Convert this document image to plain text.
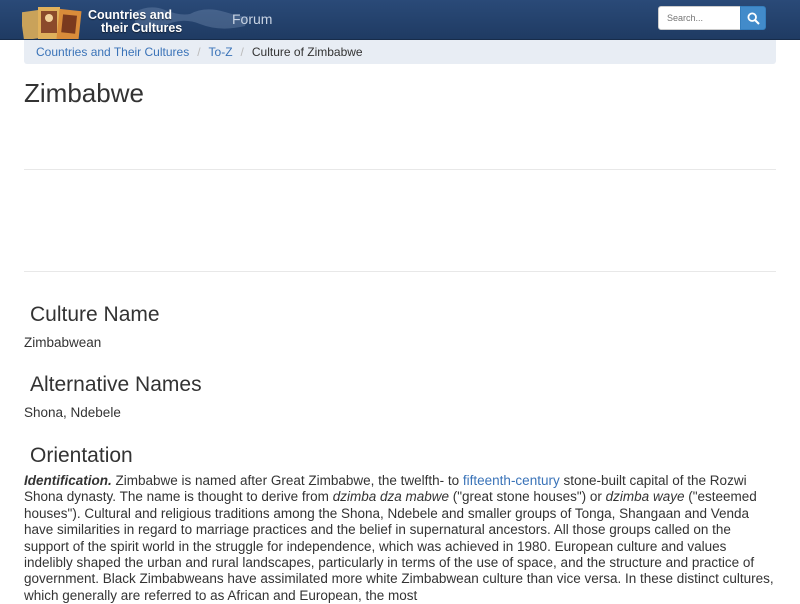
Countries and
their Cultures
Forum
Search...
Countries and Their Cultures / To-Z / Culture of Zimbabwe
Zimbabwe
Culture Name

Zimbabwean

Alternative Names

Shona, Ndebele

Orientation

Identification. Zimbabwe is named after Great Zimbabwe, the twelfth- to fifteenth-century stone-built capital of the Rozwi Shona dynasty. The name is thought to derive from dzimba dza mabwe ("great stone houses") or dzimba waye ("esteemed houses"). Cultural and religious traditions among the Shona, Ndebele and smaller groups of Tonga, Shangaan and Venda have similarities in regard to marriage practices and the belief in supernatural ancestors. All those groups called on the support of the spirit world in the struggle for independence, which was achieved in 1980. European culture and values indelibly shaped the urban and rural landscapes, particularly in terms of the use of space, and the structure and practice of government. Black Zimbabweans have assimilated more white Zimbabwean culture than vice versa. In these distinct cultures, which generally are referred to as African and European, the most
